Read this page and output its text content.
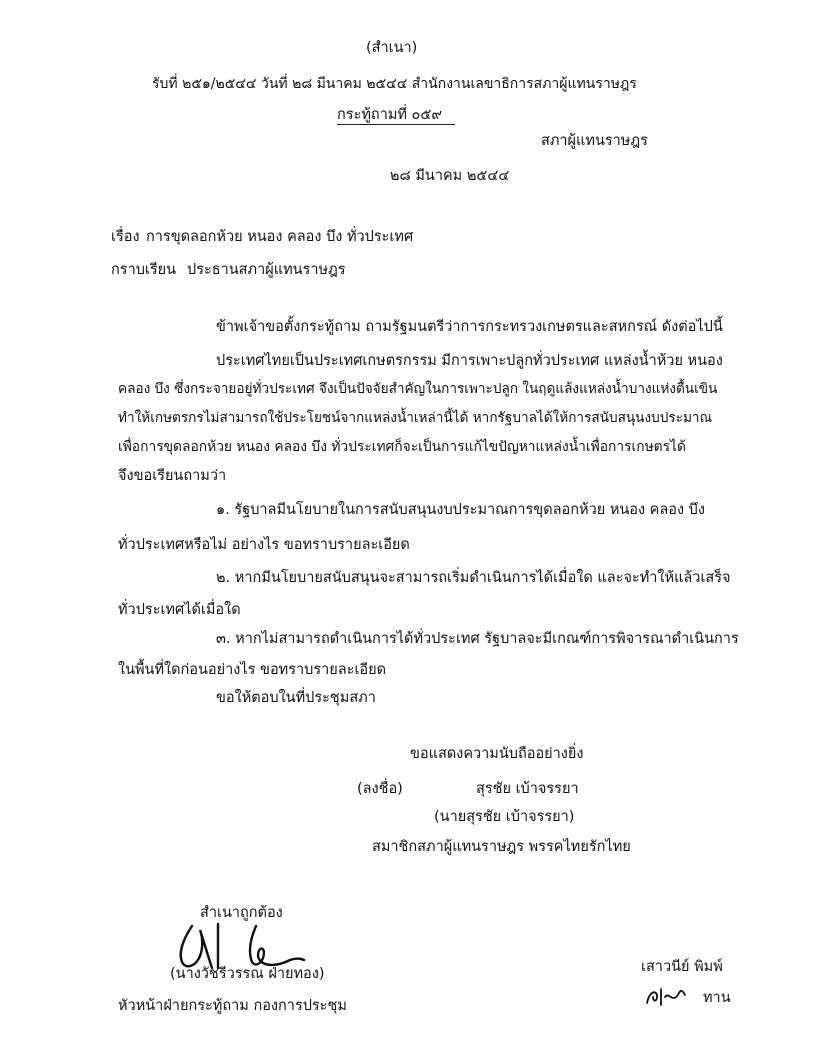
(สำเนา)
รับที่ ๒๕๑/๒๕๔๔ วันที่ ๒๘ มีนาคม ๒๕๔๔ สำนักงานเลขาธิการสภาผู้แทนราษฎร
กระทู้ถามที่ ๐๕๙
สภาผู้แทนราษฎร
๒๘ มีนาคม ๒๕๔๔
เรื่อง การขุดลอกห้วย หนอง คลอง บึง ทั่วประเทศ
กราบเรียน ประธานสภาผู้แทนราษฎร
ข้าพเจ้าขอตั้งกระทู้ถาม ถามรัฐมนตรีว่าการกระทรวงเกษตรและสหกรณ์ ดังต่อไปนี้
ประเทศไทยเป็นประเทศเกษตรกรรม มีการเพาะปลูกทั่วประเทศ แหล่งน้ำห้วย หนอง
คลอง บึง ซึ่งกระจายอยู่ทั่วประเทศ จึงเป็นปัจจัยสำคัญในการเพาะปลูก ในฤดูแล้งแหล่งน้ำบางแห่งตื้นเขิน
ทำให้เกษตรกรไม่สามารถใช้ประโยชน์จากแหล่งน้ำเหล่านี้ได้ หากรัฐบาลได้ให้การสนับสนุนงบประมาณ
เพื่อการขุดลอกห้วย หนอง คลอง บึง ทั่วประเทศก็จะเป็นการแก้ไขปัญหาแหล่งน้ำเพื่อการเกษตรได้
จึงขอเรียนถามว่า
๑. รัฐบาลมีนโยบายในการสนับสนุนงบประมาณการขุดลอกห้วย หนอง คลอง บึง
ทั่วประเทศหรือไม่ อย่างไร ขอทราบรายละเอียด
๒. หากมีนโยบายสนับสนุนจะสามารถเริ่มดำเนินการได้เมื่อใด และจะทำให้แล้วเสร็จ
ทั่วประเทศได้เมื่อใด
๓. หากไม่สามารถดำเนินการได้ทั่วประเทศ รัฐบาลจะมีเกณฑ์การพิจารณาดำเนินการ
ในพื้นที่ใดก่อนอย่างไร ขอทราบรายละเอียด
ขอให้ตอบในที่ประชุมสภา
ขอแสดงความนับถืออย่างยิ่ง
(ลงชื่อ)	สุรชัย เบ้าจรรยา
(นายสุรชัย เบ้าจรรยา)
สมาชิกสภาผู้แทนราษฎร พรรคไทยรักไทย
สำเนาถูกต้อง
(นางวัชรีวรรณ ฝ่ายทอง)
หัวหน้าฝ่ายกระทู้ถาม กองการประชุม
เสาวนีย์ พิมพ์
ทาน
